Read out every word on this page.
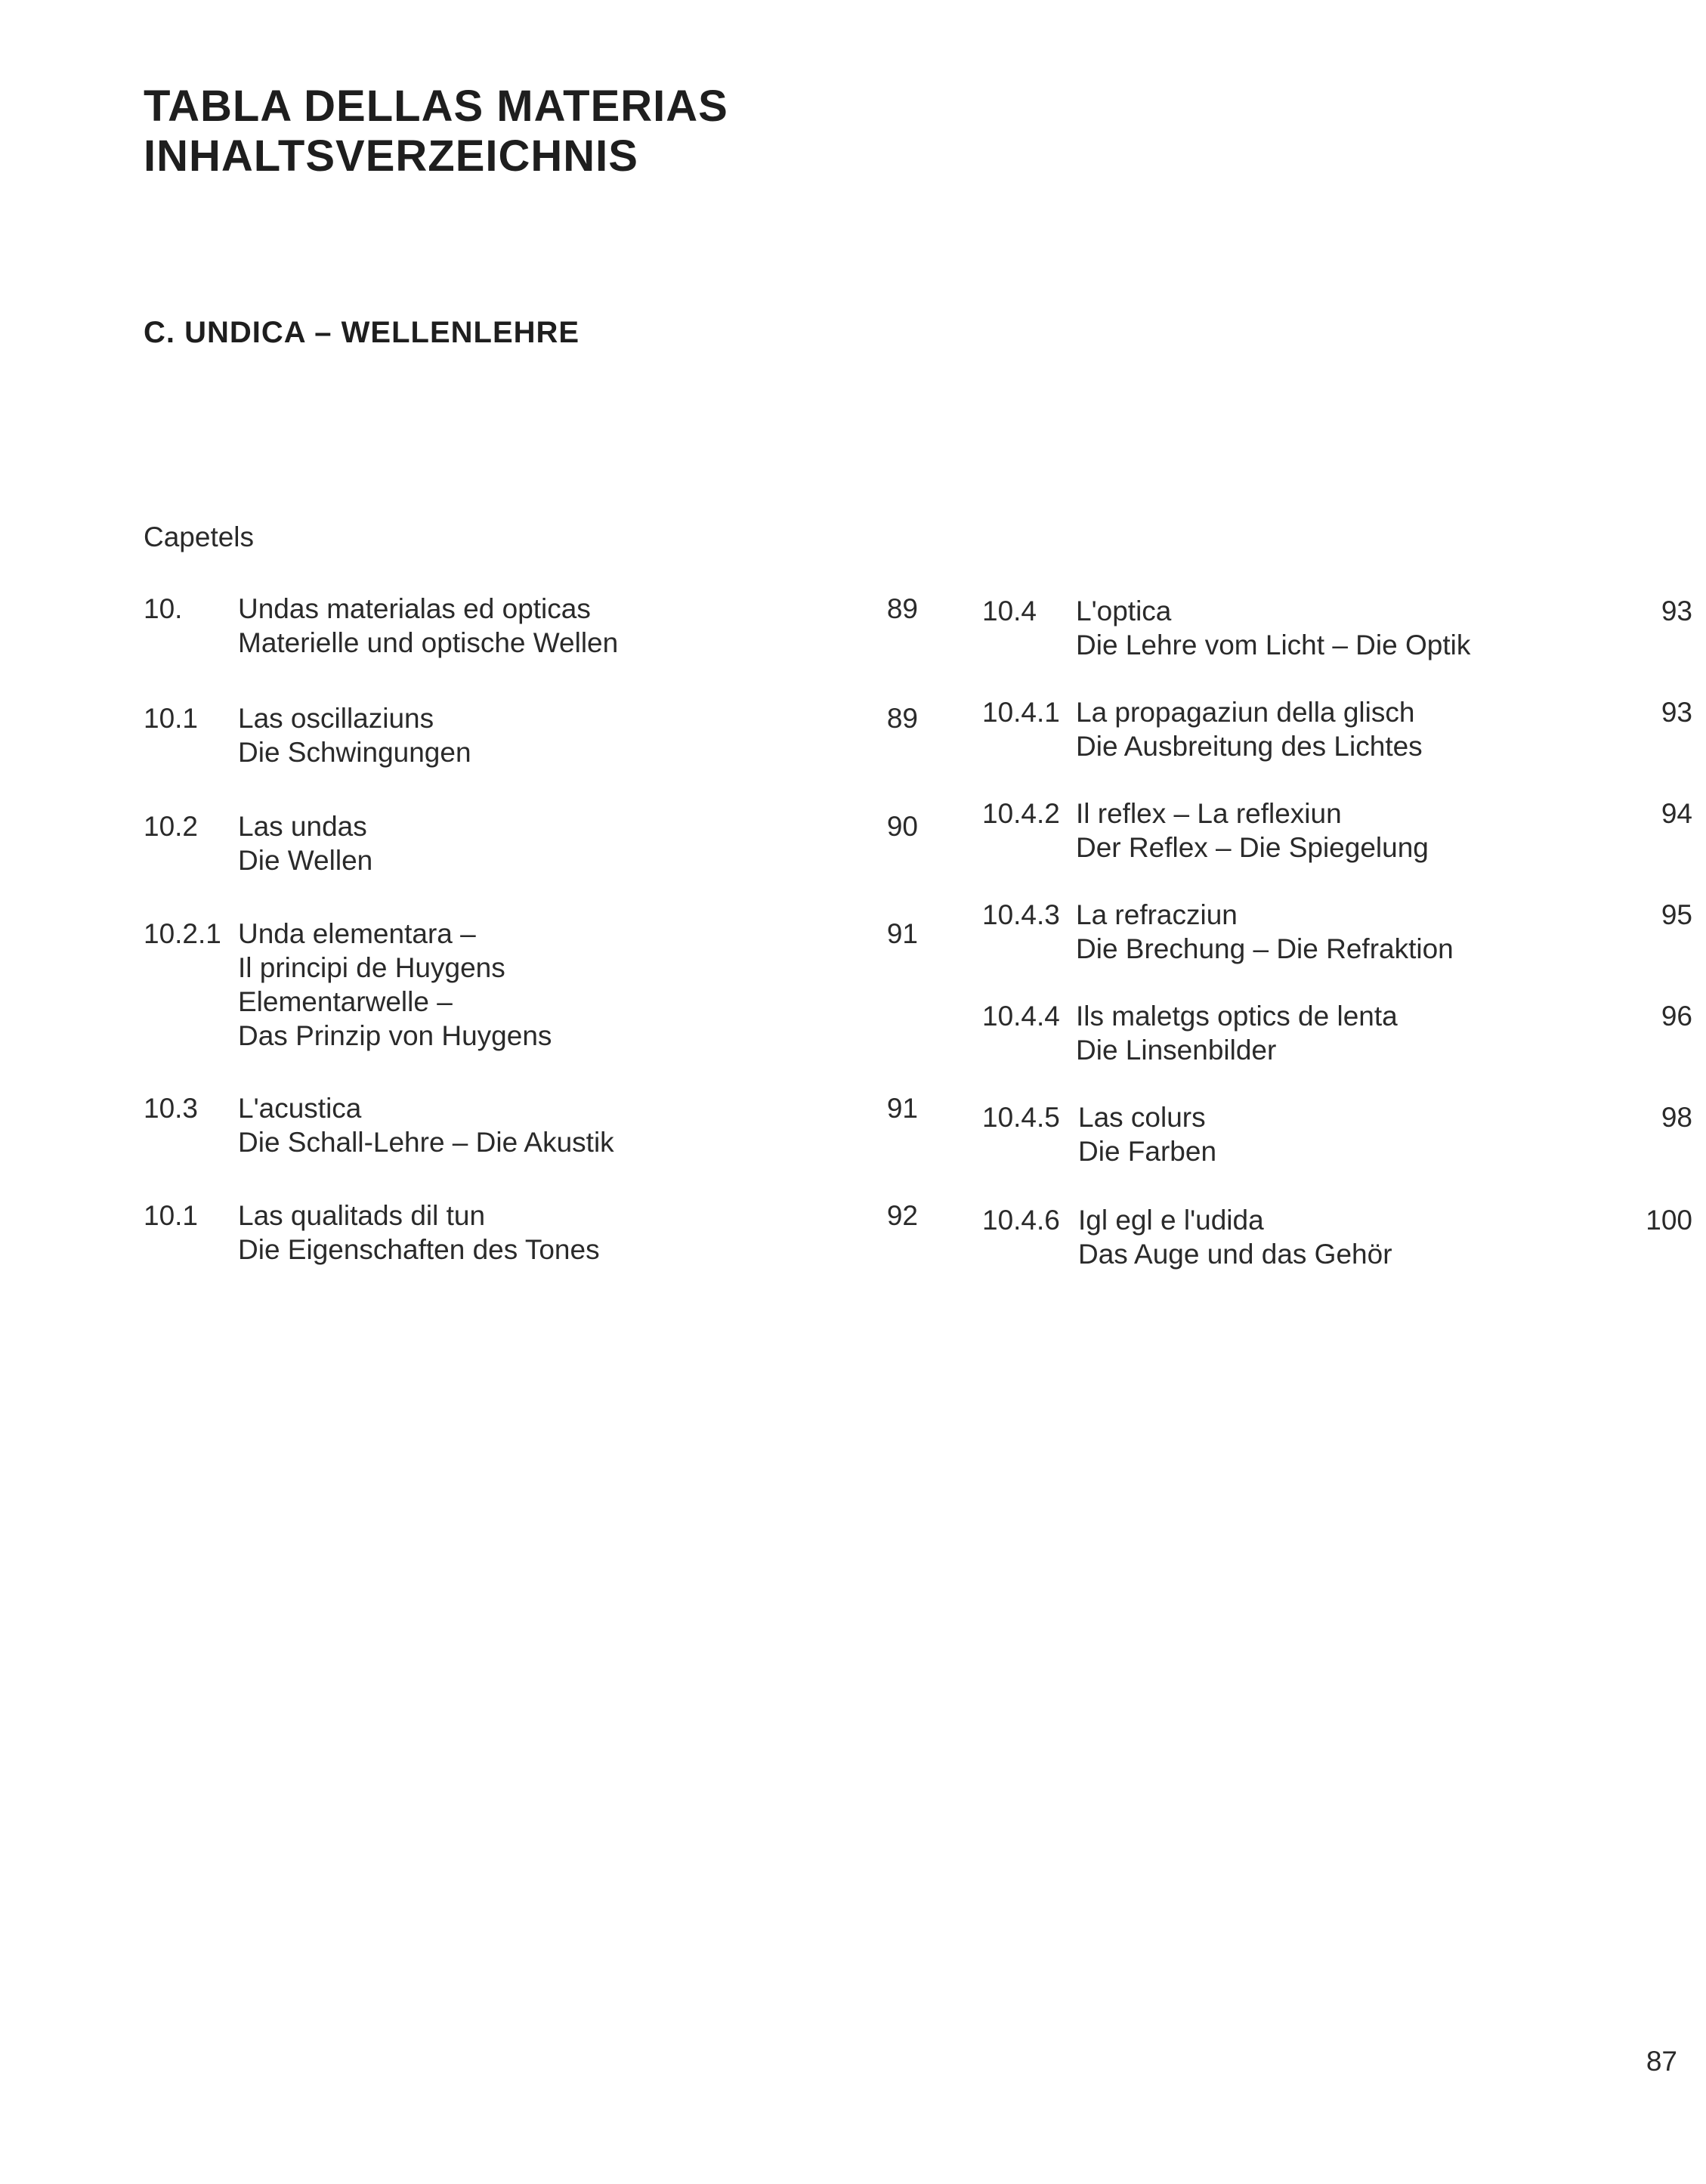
TABLA DELLAS MATERIAS
INHALTSVERZEICHNIS
C. UNDICA – WELLENLEHRE
Capetels
10. Undas materialas ed opticas
Materielle und optische Wellen
89
10.1 Las oscillaziuns
Die Schwingungen
89
10.2 Las undas
Die Wellen
90
10.2.1 Unda elementara –
Il principi de Huygens
Elementarwelle –
Das Prinzip von Huygens
91
10.3 L'acustica
Die Schall-Lehre – Die Akustik
91
10.1 Las qualitads dil tun
Die Eigenschaften des Tones
92
10.4 L'optica
Die Lehre vom Licht – Die Optik
93
10.4.1 La propagaziun della glisch
Die Ausbreitung des Lichtes
93
10.4.2 Il reflex – La reflexiun
Der Reflex – Die Spiegelung
94
10.4.3 La refracziun
Die Brechung – Die Refraktion
95
10.4.4 Ils maletgs optics de lenta
Die Linsenbilder
96
10.4.5 Las colurs
Die Farben
98
10.4.6 Igl egl e l'udida
Das Auge und das Gehör
100
87
